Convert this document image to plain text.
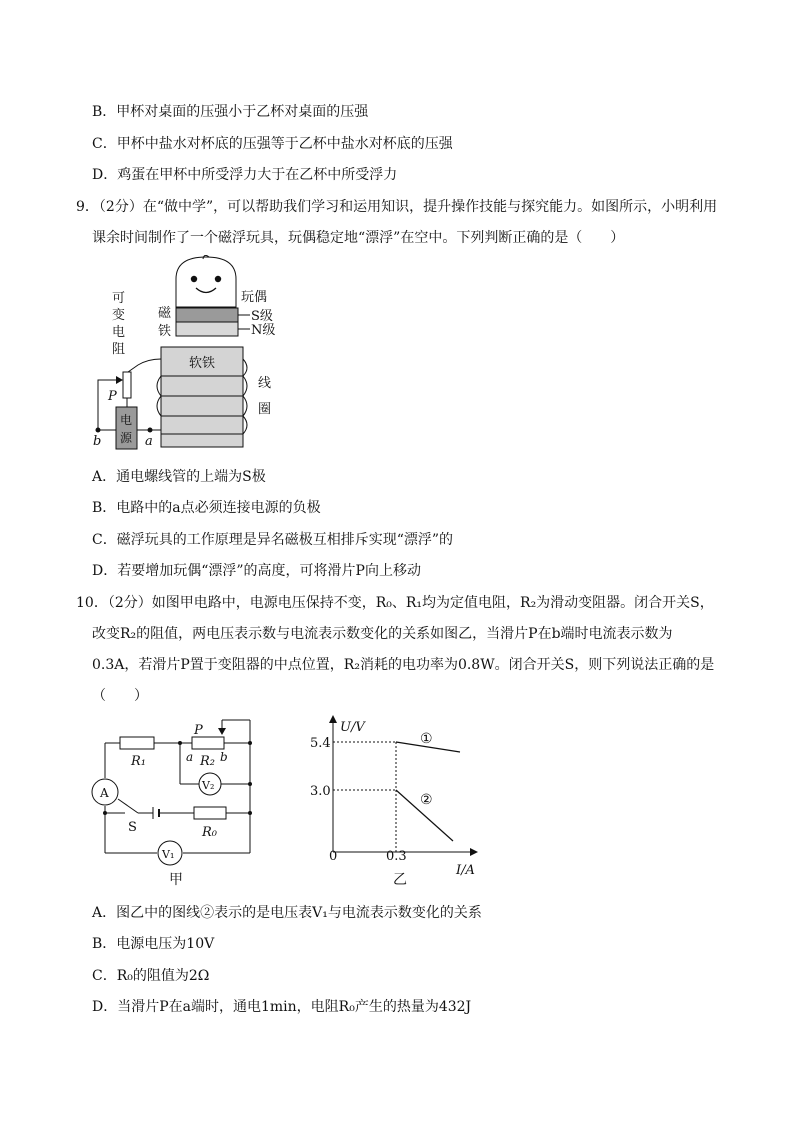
B．甲杯对桌面的压强小于乙杯对桌面的压强
C．甲杯中盐水对杯底的压强等于乙杯中盐水对杯底的压强
D．鸡蛋在甲杯中所受浮力大于在乙杯中所受浮力
9．（2分）在“做中学”，可以帮助我们学习和运用知识，提升操作技能与探究能力。如图所示，小明利用
课余时间制作了一个磁浮玩具，玩偶稳定地“漂浮”在空中。下列判断正确的是（　　）
可
变
电
阻
玩偶
磁
铁
S级
N级
软铁
线
圈
P
电
源
b	a
A．通电螺线管的上端为S极
B．电路中的a点必须连接电源的负极
C．磁浮玩具的工作原理是异名磁极互相排斥实现“漂浮”的
D．若要增加玩偶“漂浮”的高度，可将滑片P向上移动
10．（2分）如图甲电路中，电源电压保持不变，R₀、R₁均为定值电阻，R₂为滑动变阻器。闭合开关S，
改变R₂的阻值，两电压表示数与电流表示数变化的关系如图乙，当滑片P在b端时电流表示数为
0.3A，若滑片P置于变阻器的中点位置，R₂消耗的电功率为0.8W。闭合开关S，则下列说法正确的是
（　　）
A
V₂
V₁
R₁	R₂
R₀
P
a b
S
甲
U/V
I/A
5.4
3.0
0	0.3
①
②
乙
A．图乙中的图线②表示的是电压表V₁与电流表示数变化的关系
B．电源电压为10V
C．R₀的阻值为2Ω
D．当滑片P在a端时，通电1min，电阻R₀产生的热量为432J
